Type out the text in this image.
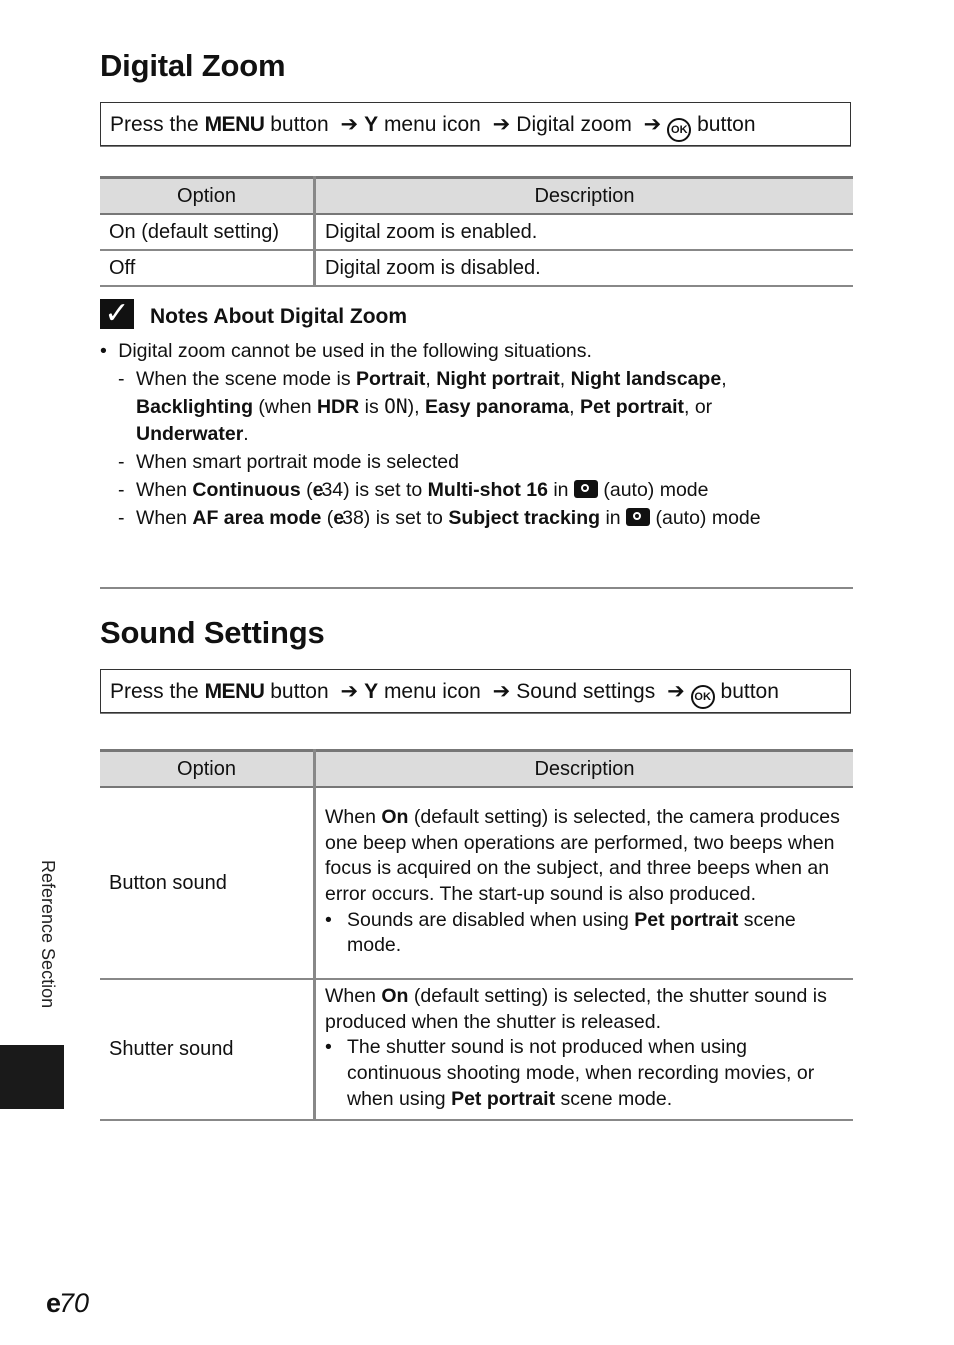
Digital Zoom
Press the MENU button ➔ Y menu icon ➔ Digital zoom ➔ OK button
Option	Description
On (default setting)	Digital zoom is enabled.
Off	Digital zoom is disabled.
✓ Notes About Digital Zoom
• Digital zoom cannot be used in the following situations.
- When the scene mode is Portrait, Night portrait, Night landscape, Backlighting (when HDR is ON), Easy panorama, Pet portrait, or Underwater.
- When smart portrait mode is selected
- When Continuous (e34) is set to Multi-shot 16 in  (auto) mode
- When AF area mode (e38) is set to Subject tracking in  (auto) mode
Sound Settings
Press the MENU button ➔ Y menu icon ➔ Sound settings ➔ OK button
Option	Description
Button sound	When On (default setting) is selected, the camera produces one beep when operations are performed, two beeps when focus is acquired on the subject, and three beeps when an error occurs. The start-up sound is also produced.
• Sounds are disabled when using Pet portrait scene mode.

Shutter sound	When On (default setting) is selected, the shutter sound is produced when the shutter is released.
• The shutter sound is not produced when using continuous shooting mode, when recording movies, or when using Pet portrait scene mode.
Reference Section
e70
